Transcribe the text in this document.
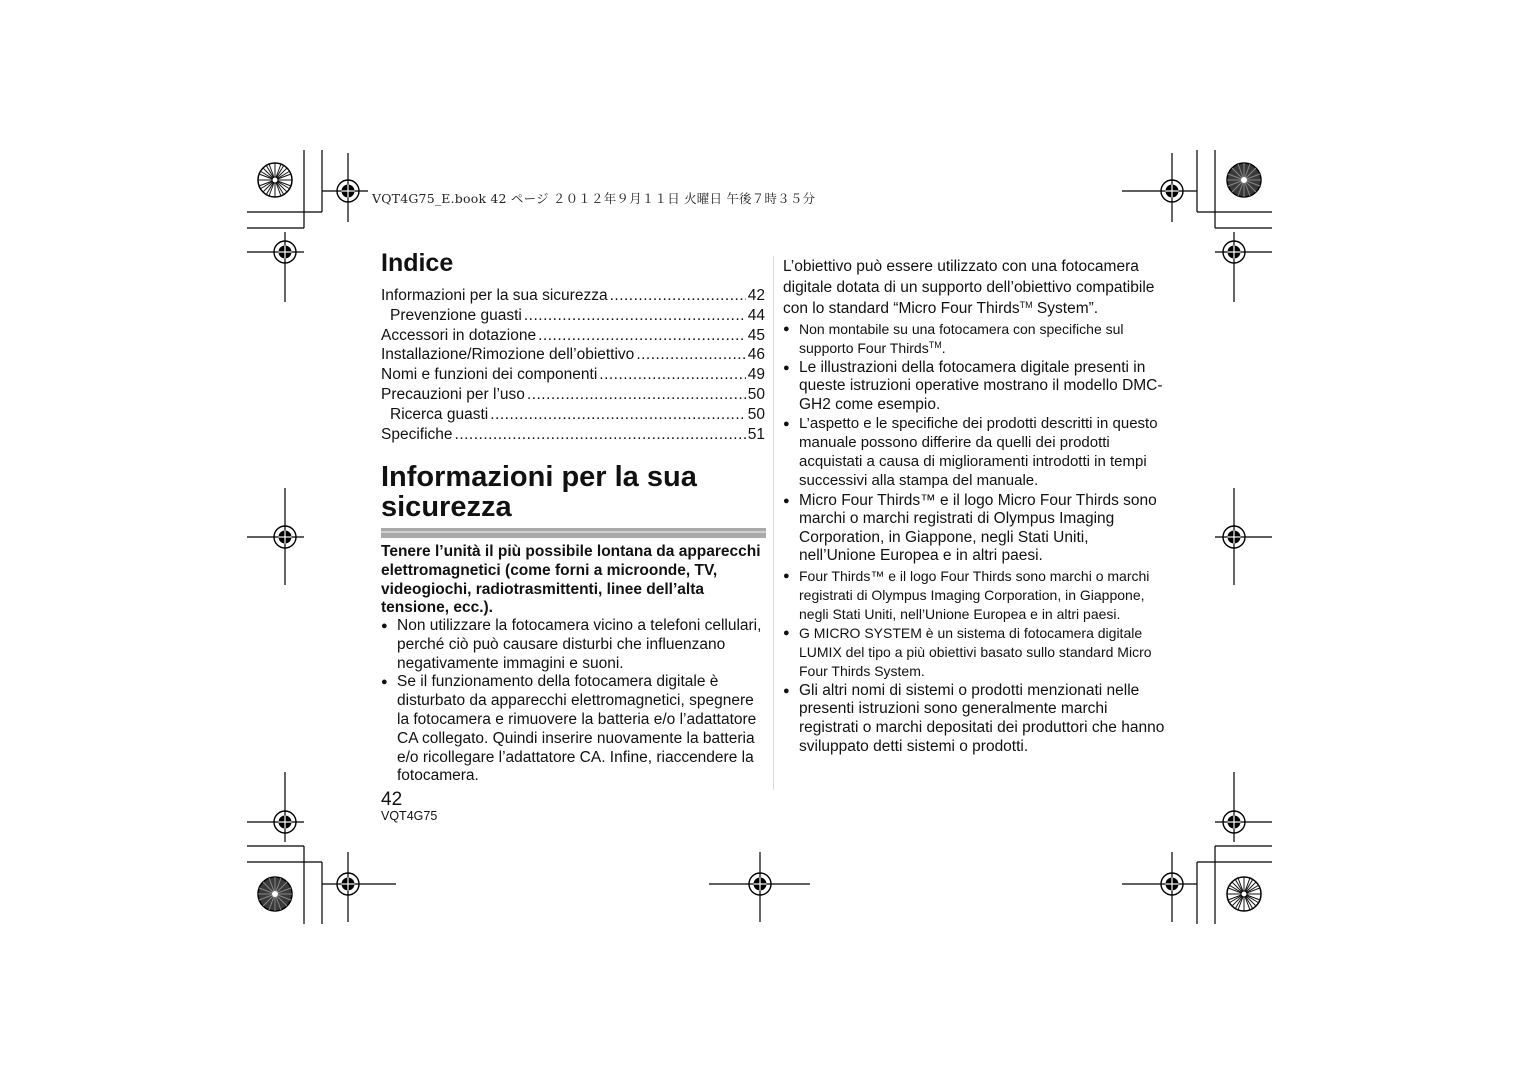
VQT4G75_E.book 42 ページ ２０１２年９月１１日 火曜日 午後７時３５分
Indice
Informazioni per la sua sicurezza .....	42
Prevenzione guasti .....	44
Accessori in dotazione .....	45
Installazione/Rimozione dell’obiettivo .....	46
Nomi e funzioni dei componenti .....	49
Precauzioni per l’uso .....	50
Ricerca guasti .....	50
Specifiche .....	51
Informazioni per la sua sicurezza
Tenere l’unità il più possibile lontana da apparecchi elettromagnetici (come forni a microonde, TV, videogiochi, radiotrasmittenti, linee dell’alta tensione, ecc.).

● Non utilizzare la fotocamera vicino a telefoni cellulari, perché ciò può causare disturbi che influenzano negativamente immagini e suoni.

● Se il funzionamento della fotocamera digitale è disturbato da apparecchi elettromagnetici, spegnere la fotocamera e rimuovere la batteria e/o l’adattatore CA collegato. Quindi inserire nuovamente la batteria e/o ricollegare l’adattatore CA. Infine, riaccendere la fotocamera.

42
VQT4G75
L’obiettivo può essere utilizzato con una fotocamera digitale dotata di un supporto dell’obiettivo compatibile con lo standard “Micro Four Thirds™ System”.

● Non montabile su una fotocamera con specifiche sul supporto Four Thirds™.

● Le illustrazioni della fotocamera digitale presenti in queste istruzioni operative mostrano il modello DMC-GH2 come esempio.

● L’aspetto e le specifiche dei prodotti descritti in questo manuale possono differire da quelli dei prodotti acquistati a causa di miglioramenti introdotti in tempi successivi alla stampa del manuale.

● Micro Four Thirds™ e il logo Micro Four Thirds sono marchi o marchi registrati di Olympus Imaging Corporation, in Giappone, negli Stati Uniti, nell’Unione Europea e in altri paesi.

● Four Thirds™ e il logo Four Thirds sono marchi o marchi registrati di Olympus Imaging Corporation, in Giappone, negli Stati Uniti, nell’Unione Europea e in altri paesi.

● G MICRO SYSTEM è un sistema di fotocamera digitale LUMIX del tipo a più obiettivi basato sullo standard Micro Four Thirds System.

● Gli altri nomi di sistemi o prodotti menzionati nelle presenti istruzioni sono generalmente marchi registrati o marchi depositati dei produttori che hanno sviluppato detti sistemi o prodotti.
